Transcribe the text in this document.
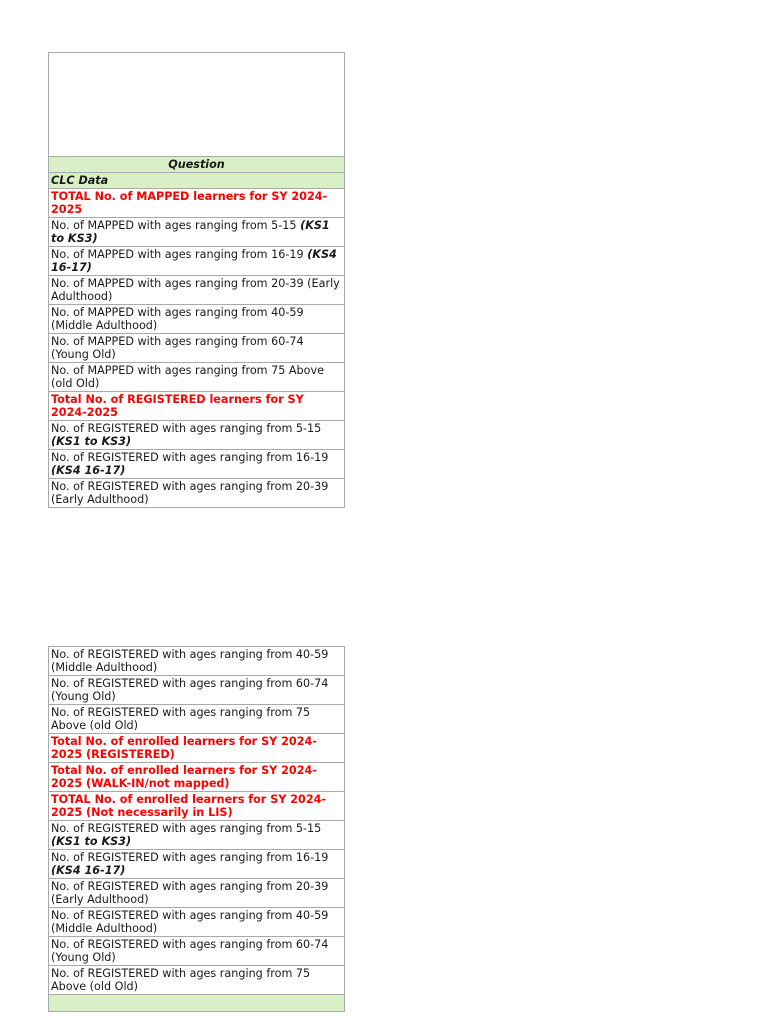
Question
CLC Data
TOTAL No. of MAPPED learners for SY 2024-2025
No. of MAPPED with ages ranging from 5-15 (KS1 to KS3)
No. of MAPPED with ages ranging from 16-19 (KS4 16-17)
No. of MAPPED with ages ranging from 20-39 (Early Adulthood)
No. of MAPPED with ages ranging from 40-59 (Middle Adulthood)
No. of MAPPED with ages ranging from 60-74 (Young Old)
No. of MAPPED with ages ranging from 75 Above (old Old)
Total No. of REGISTERED learners for SY 2024-2025
No. of REGISTERED with ages ranging from 5-15 (KS1 to KS3)
No. of REGISTERED with ages ranging from 16-19 (KS4 16-17)
No. of REGISTERED with ages ranging from 20-39 (Early Adulthood)
No. of REGISTERED with ages ranging from 40-59 (Middle Adulthood)
No. of REGISTERED with ages ranging from 60-74 (Young Old)
No. of REGISTERED with ages ranging from 75 Above (old Old)
Total No. of enrolled learners for SY 2024-2025 (REGISTERED)
Total No. of enrolled learners for SY 2024-2025 (WALK-IN/not mapped)
TOTAL No. of enrolled learners for SY 2024-2025 (Not necessarily in LIS)
No. of REGISTERED with ages ranging from 5-15 (KS1 to KS3)
No. of REGISTERED with ages ranging from 16-19 (KS4 16-17)
No. of REGISTERED with ages ranging from 20-39 (Early Adulthood)
No. of REGISTERED with ages ranging from 40-59 (Middle Adulthood)
No. of REGISTERED with ages ranging from 60-74 (Young Old)
No. of REGISTERED with ages ranging from 75 Above (old Old)
